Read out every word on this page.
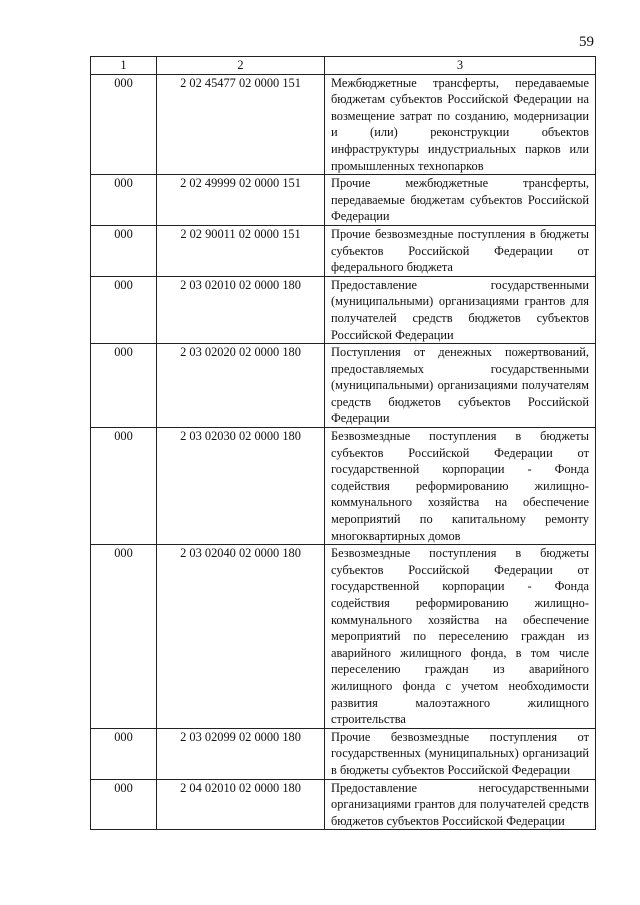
59
1	2	3
000	2 02 45477 02 0000 151	Межбюджетные трансферты, передаваемые бюджетам субъектов Российской Федерации на возмещение затрат по созданию, модернизации и (или) реконструкции объектов инфраструктуры индустриальных парков или промышленных технопарков
000	2 02 49999 02 0000 151	Прочие межбюджетные трансферты, передаваемые бюджетам субъектов Российской Федерации
000	2 02 90011 02 0000 151	Прочие безвозмездные поступления в бюджеты субъектов Российской Федерации от федерального бюджета
000	2 03 02010 02 0000 180	Предоставление государственными (муниципальными) организациями грантов для получателей средств бюджетов субъектов Российской Федерации
000	2 03 02020 02 0000 180	Поступления от денежных пожертвований, предоставляемых государственными (муниципальными) организациями получателям средств бюджетов субъектов Российской Федерации
000	2 03 02030 02 0000 180	Безвозмездные поступления в бюджеты субъектов Российской Федерации от государственной корпорации - Фонда содействия реформированию жилищно-коммунального хозяйства на обеспечение мероприятий по капитальному ремонту многоквартирных домов
000	2 03 02040 02 0000 180	Безвозмездные поступления в бюджеты субъектов Российской Федерации от государственной корпорации - Фонда содействия реформированию жилищно-коммунального хозяйства на обеспечение мероприятий по переселению граждан из аварийного жилищного фонда, в том числе переселению граждан из аварийного жилищного фонда с учетом необходимости развития малоэтажного жилищного строительства
000	2 03 02099 02 0000 180	Прочие безвозмездные поступления от государственных (муниципальных) организаций в бюджеты субъектов Российской Федерации
000	2 04 02010 02 0000 180	Предоставление негосударственными организациями грантов для получателей средств бюджетов субъектов Российской Федерации
